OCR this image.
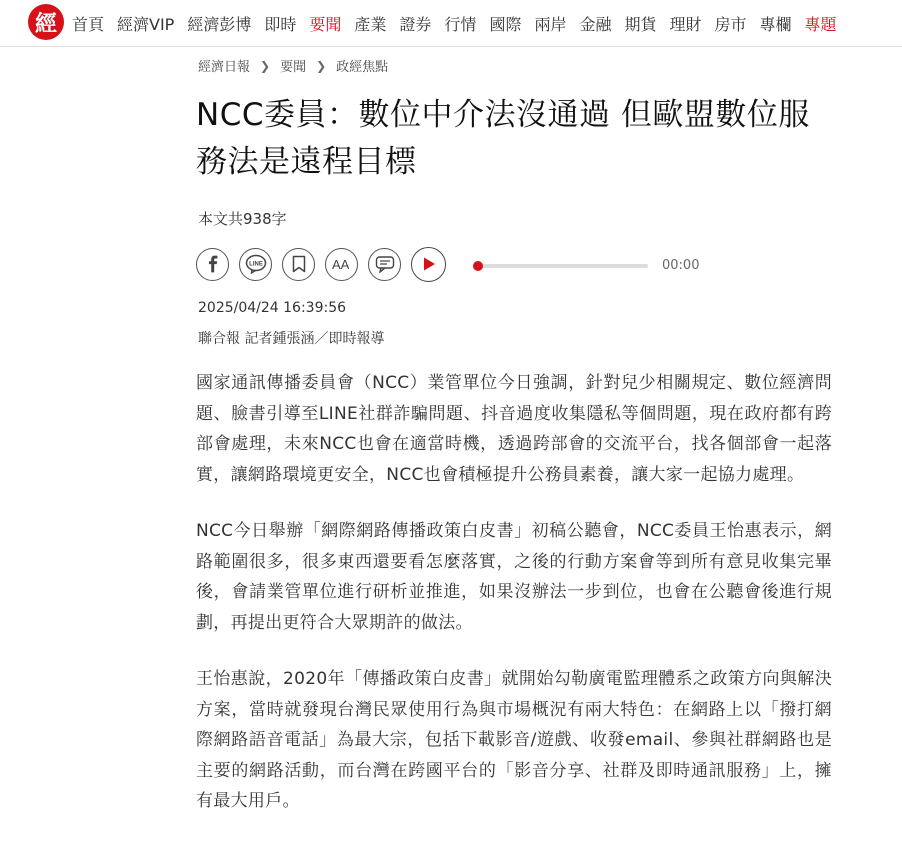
經 首頁 經濟VIP 經濟彭博 即時 要聞 產業 證券 行情 國際 兩岸 金融 期貨 理財 房市 專欄 專題
經濟日報 ❯ 要聞 ❯ 政經焦點
NCC委員：數位中介法沒通過 但歐盟數位服務法是遠程目標
本文共938字
LINE	AA	00:00
2025/04/24 16:39:56
聯合報 記者鍾張涵／即時報導

國家通訊傳播委員會（NCC）業管單位今日強調，針對兒少相關規定、數位經濟問題、臉書引導至LINE社群詐騙問題、抖音過度收集隱私等個問題，現在政府都有跨部會處理，未來NCC也會在適當時機，透過跨部會的交流平台，找各個部會一起落實，讓網路環境更安全，NCC也會積極提升公務員素養，讓大家一起協力處理。

NCC今日舉辦「網際網路傳播政策白皮書」初稿公聽會，NCC委員王怡惠表示，網路範圍很多，很多東西還要看怎麼落實，之後的行動方案會等到所有意見收集完畢後，會請業管單位進行研析並推進，如果沒辦法一步到位，也會在公聽會後進行規劃，再提出更符合大眾期許的做法。

王怡惠說，2020年「傳播政策白皮書」就開始勾勒廣電監理體系之政策方向與解決方案，當時就發現台灣民眾使用行為與市場概況有兩大特色：在網路上以「撥打網際網路語音電話」為最大宗，包括下載影音/遊戲、收發email、參與社群網路也是主要的網路活動，而台灣在跨國平台的「影音分享、社群及即時通訊服務」上，擁有最大用戶。
